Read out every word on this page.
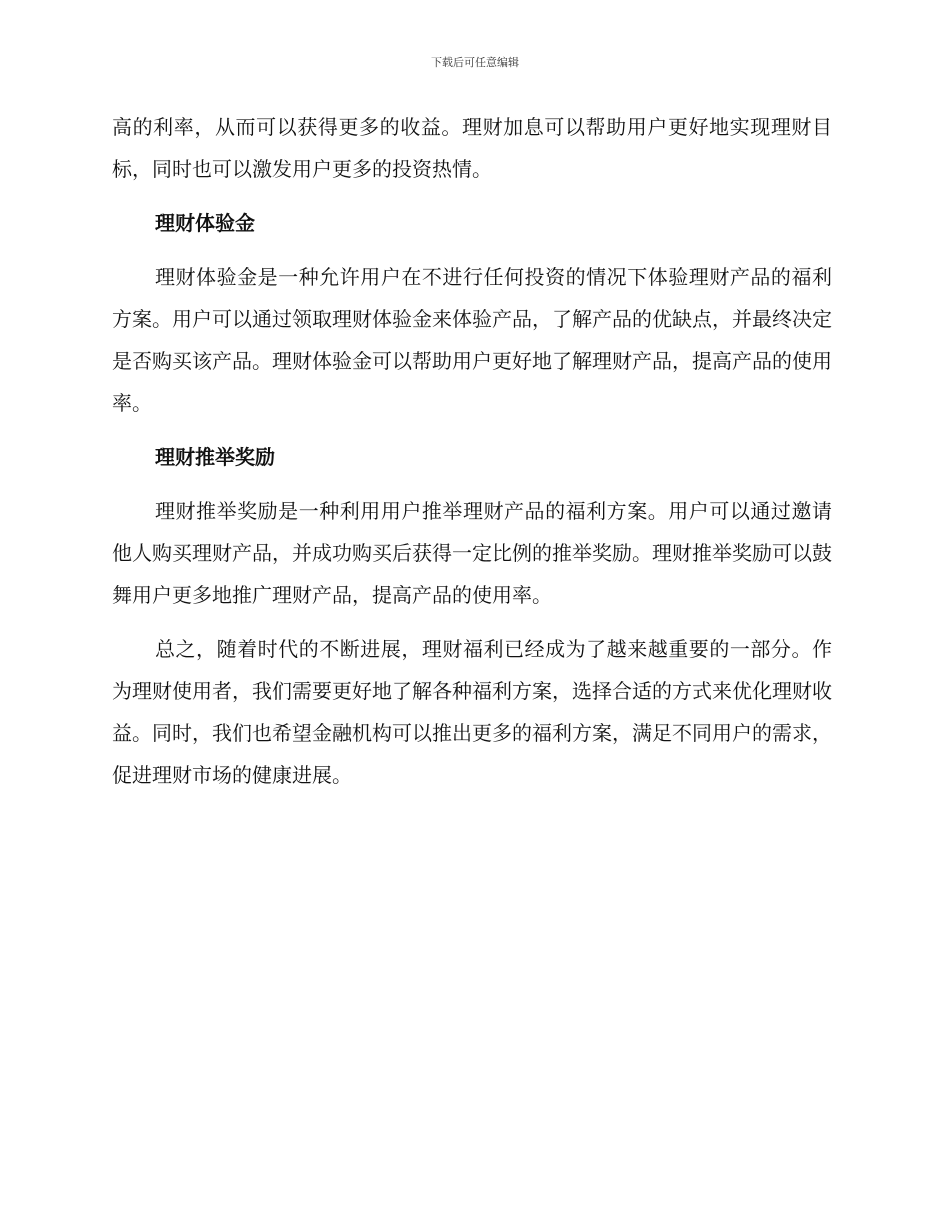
下载后可任意编辑

高的利率，从而可以获得更多的收益。理财加息可以帮助用户更好地实现理财目标，同时也可以激发用户更多的投资热情。

理财体验金

理财体验金是一种允许用户在不进行任何投资的情况下体验理财产品的福利方案。用户可以通过领取理财体验金来体验产品，了解产品的优缺点，并最终决定是否购买该产品。理财体验金可以帮助用户更好地了解理财产品，提高产品的使用率。

理财推举奖励

理财推举奖励是一种利用用户推举理财产品的福利方案。用户可以通过邀请他人购买理财产品，并成功购买后获得一定比例的推举奖励。理财推举奖励可以鼓舞用户更多地推广理财产品，提高产品的使用率。

总之，随着时代的不断进展，理财福利已经成为了越来越重要的一部分。作为理财使用者，我们需要更好地了解各种福利方案，选择合适的方式来优化理财收益。同时，我们也希望金融机构可以推出更多的福利方案，满足不同用户的需求，促进理财市场的健康进展。
